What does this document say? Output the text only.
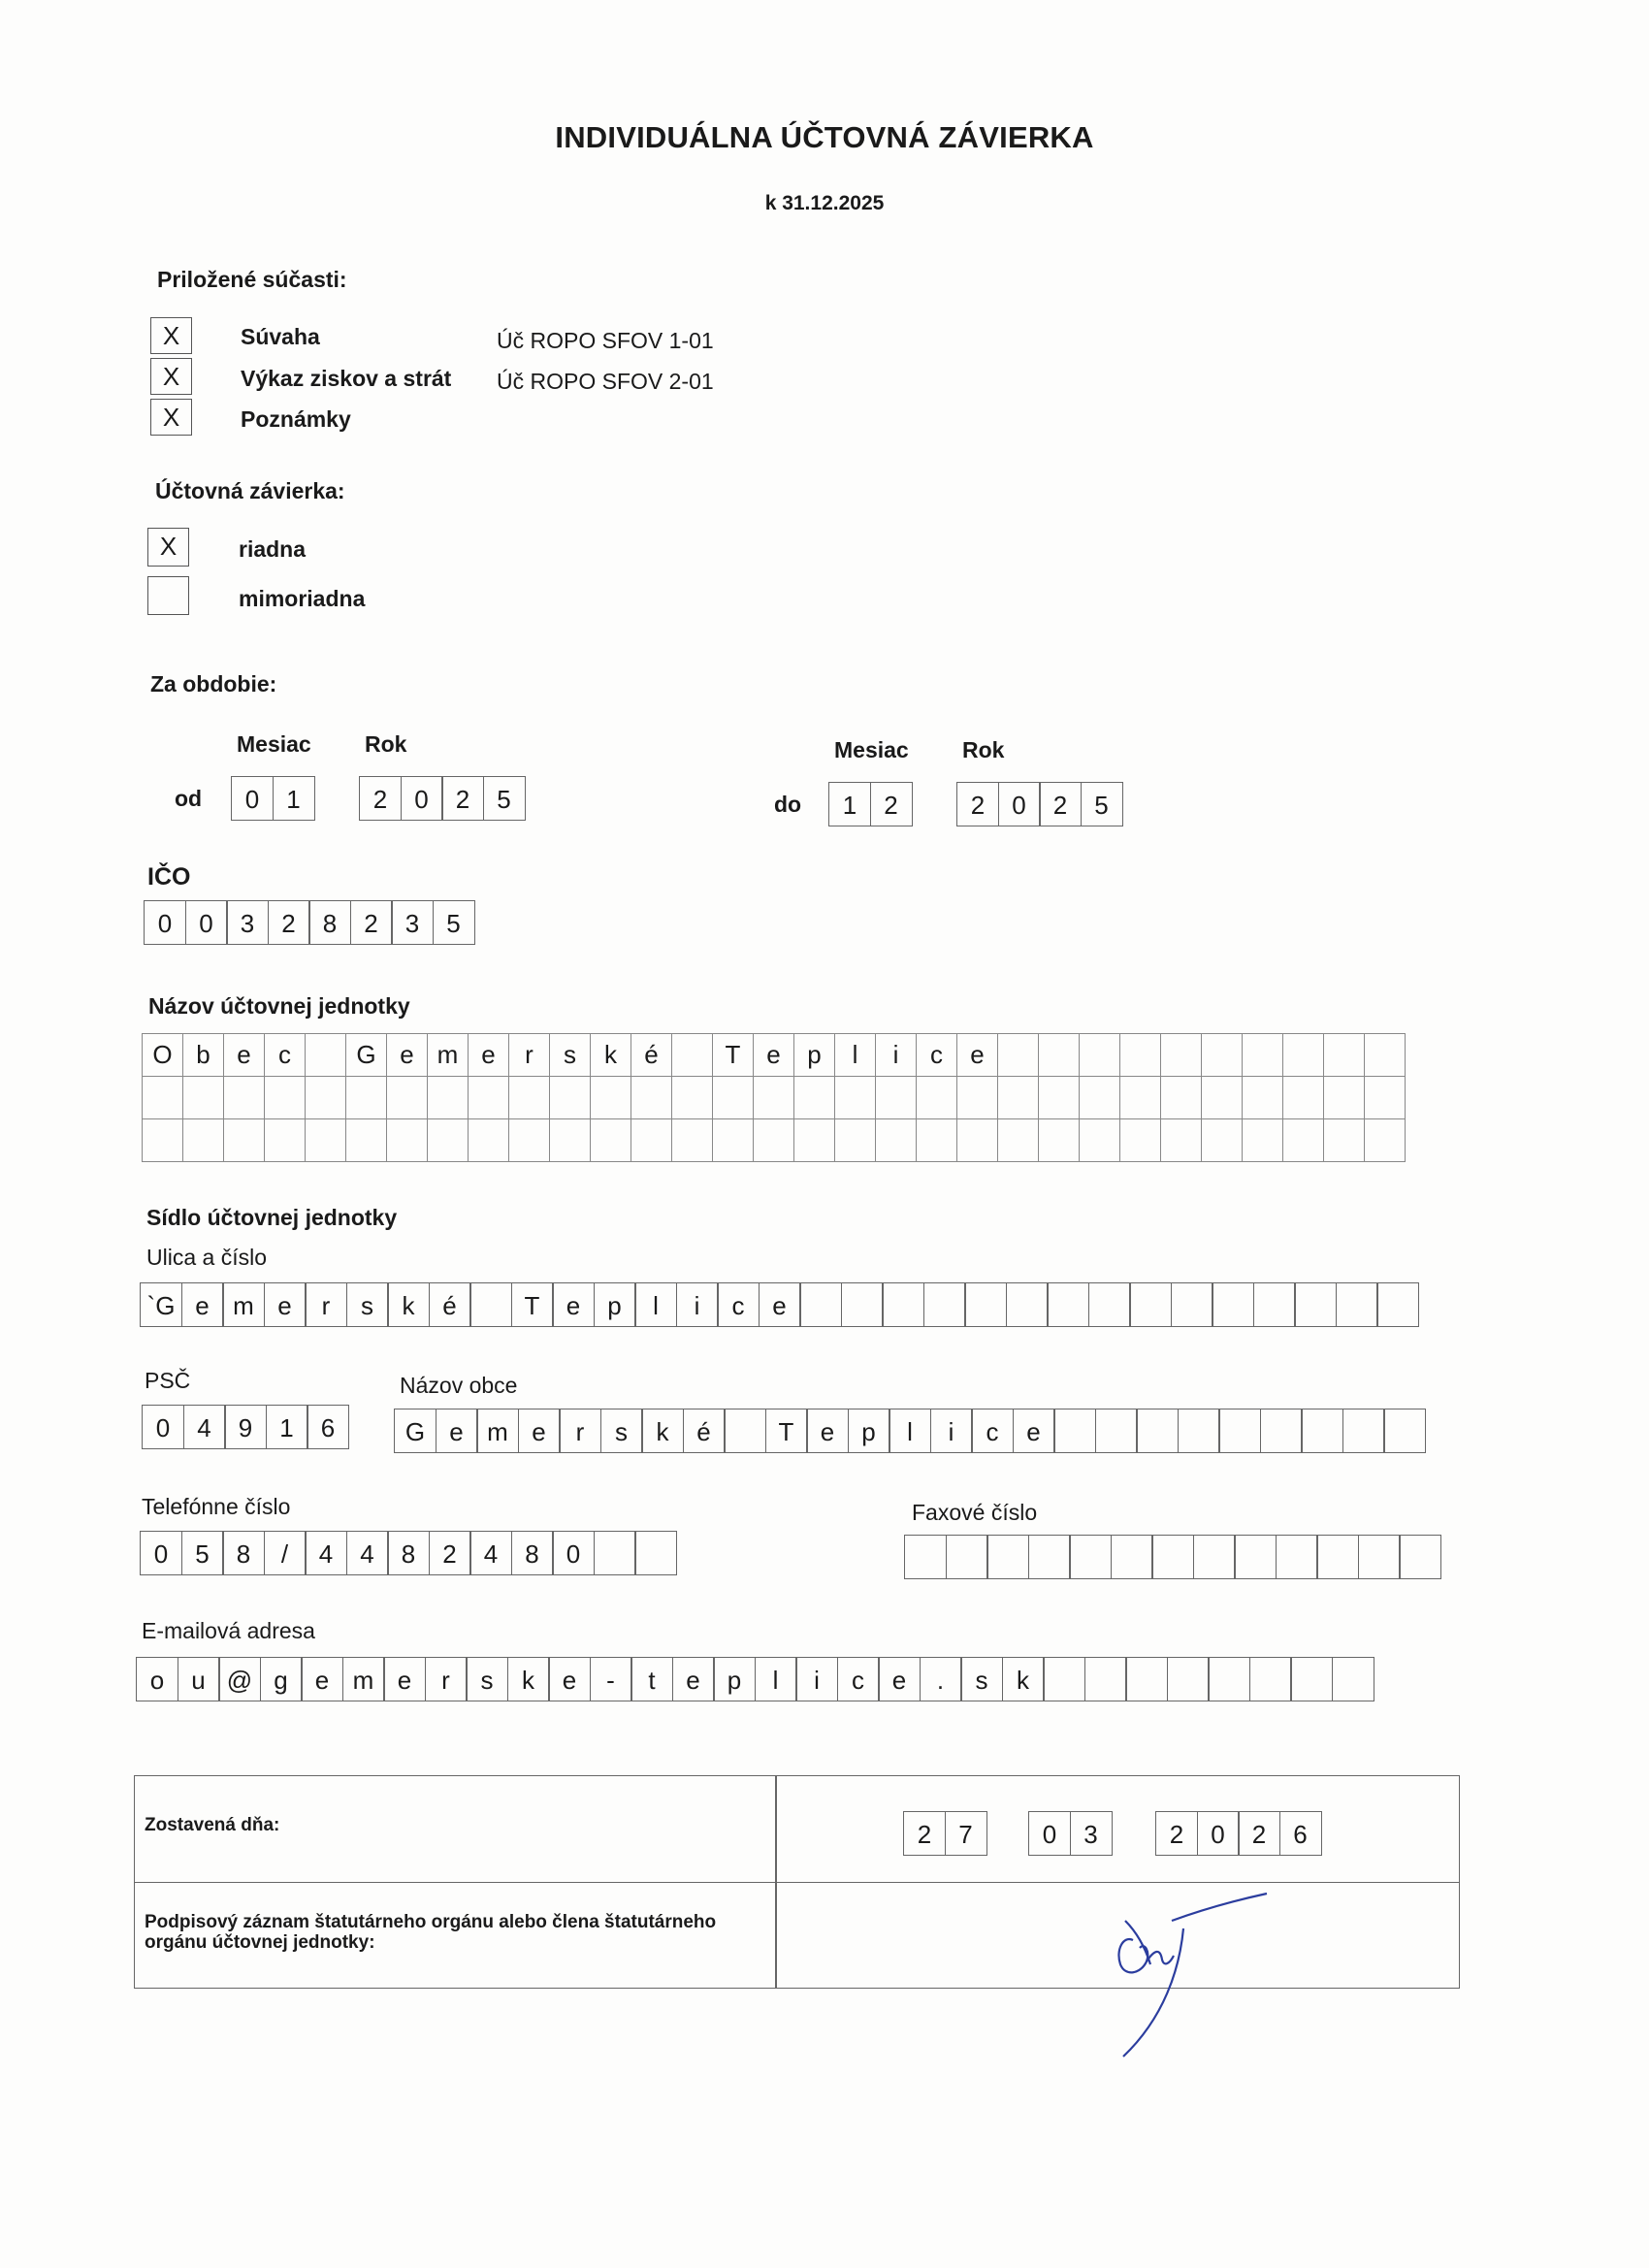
INDIVIDUÁLNA ÚČTOVNÁ ZÁVIERKA
k 31.12.2025
Priložené súčasti:
X	Súvaha	Úč ROPO SFOV 1-01
X	Výkaz ziskov a strát Úč ROPO SFOV 2-01
X	Poznámky
Účtovná závierka:
X	riadna
mimoriadna
Za obdobie:
Mesiac Rok
od	0	1	2	0	2	5
Mesiac Rok
do	1	2	2	0	2	5
IČO
0	0	3	2	8	2	3	5
Názov účtovnej jednotky
O	b	e	c		G	e	m	e	r	s	k	é		T	e	p	l	i	c	e										

Sídlo účtovnej jednotky
Ulica a číslo
`G e m e	r	s	k	é	T	e	p	l	i	c	e
PSČ
0	4	9	1	6
Názov obce
G e m e	r	s	k	é	T	e	p	l	i	c	e
Telefónne číslo
0	5	8	/	4	4	8	2	4	8	0
Faxové číslo
E-mailová adresa
o	u @ g	e m e	r	s	k	e	-	t	e	p	l	i	c	e	.	s	k
Zostavená dňa:	2	7	0	3	2	0	2	6
Podpisový záznam štatutárneho orgánu alebo člena štatutárneho orgánu účtovnej jednotky:
